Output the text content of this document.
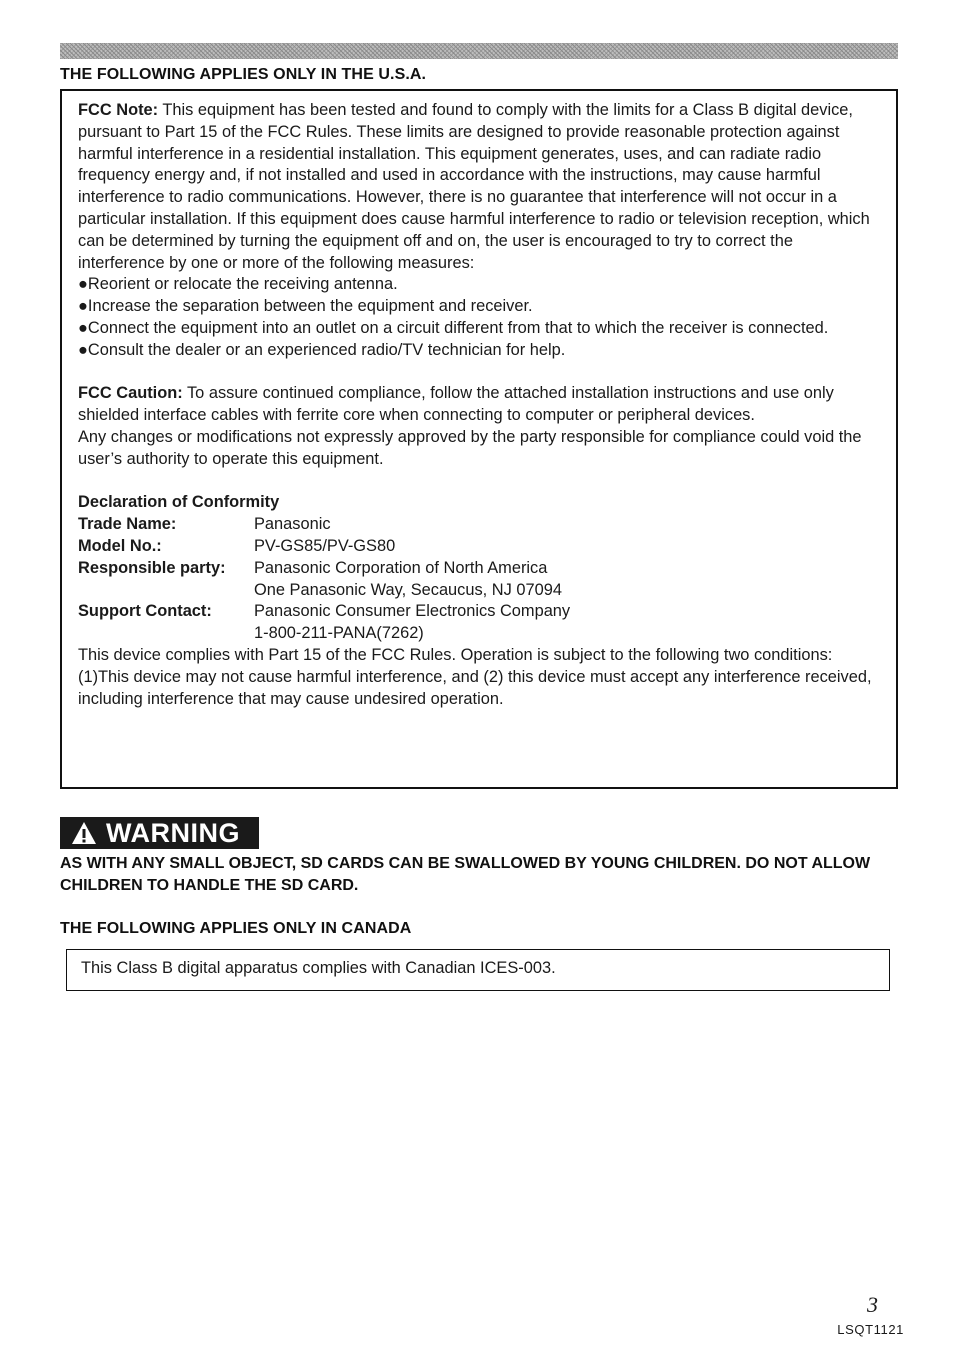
THE FOLLOWING APPLIES ONLY IN THE U.S.A.

FCC Note: This equipment has been tested and found to comply with the limits for a Class B digital device, pursuant to Part 15 of the FCC Rules. These limits are designed to provide reasonable protection against harmful interference in a residential installation. This equipment generates, uses, and can radiate radio frequency energy and, if not installed and used in accordance with the instructions, may cause harmful interference to radio communications. However, there is no guarantee that interference will not occur in a particular installation. If this equipment does cause harmful interference to radio or television reception, which can be determined by turning the equipment off and on, the user is encouraged to try to correct the interference by one or more of the following measures:

●Reorient or relocate the receiving antenna.

●Increase the separation between the equipment and receiver.

●Connect the equipment into an outlet on a circuit different from that to which the receiver is connected.

●Consult the dealer or an experienced radio/TV technician for help.

FCC Caution: To assure continued compliance, follow the attached installation instructions and use only shielded interface cables with ferrite core when connecting to computer or peripheral devices.

Any changes or modifications not expressly approved by the party responsible for compliance could void the user’s authority to operate this equipment.

Declaration of Conformity

Trade Name:	Panasonic
Model No.:	PV-GS85/PV-GS80
Responsible party:	Panasonic Corporation of North America
One Panasonic Way, Secaucus, NJ 07094

Support Contact:	Panasonic Consumer Electronics Company
1-800-211-PANA(7262)

This device complies with Part 15 of the FCC Rules. Operation is subject to the following two conditions: (1)This device may not cause harmful interference, and (2) this device must accept any interference received, including interference that may cause undesired operation.

WARNING
AS WITH ANY SMALL OBJECT, SD CARDS CAN BE SWALLOWED BY YOUNG CHILDREN. DO NOT ALLOW CHILDREN TO HANDLE THE SD CARD.
THE FOLLOWING APPLIES ONLY IN CANADA
This Class B digital apparatus complies with Canadian ICES-003.
3
LSQT1121
